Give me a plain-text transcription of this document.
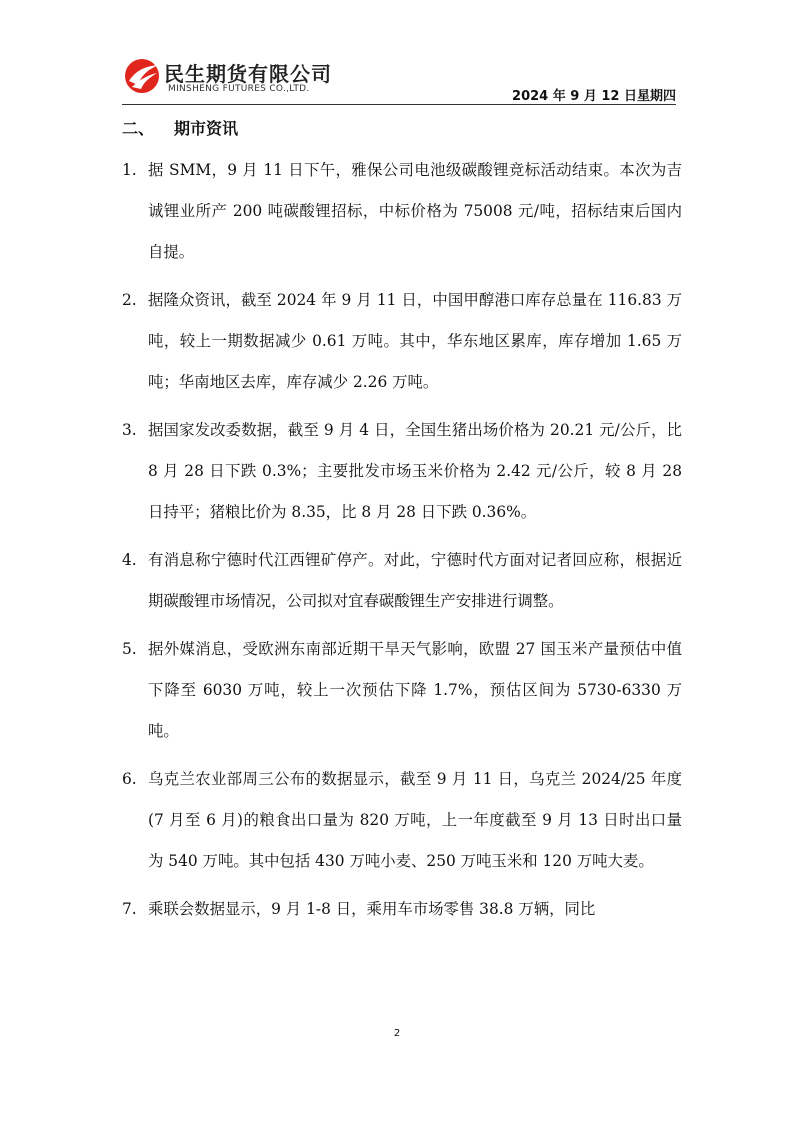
民生期货有限公司
MINSHENG FUTURES CO.,LTD.	2024 年 9 月 12 日星期四
二、 期市资讯
1. 据 SMM，9 月 11 日下午，雅保公司电池级碳酸锂竞标活动结束。本次为吉诚锂业所产 200 吨碳酸锂招标，中标价格为 75008 元/吨，招标结束后国内自提。
2. 据隆众资讯，截至 2024 年 9 月 11 日，中国甲醇港口库存总量在 116.83 万吨，较上一期数据减少 0.61 万吨。其中，华东地区累库，库存增加 1.65 万吨；华南地区去库，库存减少 2.26 万吨。
3. 据国家发改委数据，截至 9 月 4 日，全国生猪出场价格为 20.21 元/公斤，比 8 月 28 日下跌 0.3%；主要批发市场玉米价格为 2.42 元/公斤，较 8 月 28 日持平；猪粮比价为 8.35，比 8 月 28 日下跌 0.36%。
4. 有消息称宁德时代江西锂矿停产。对此，宁德时代方面对记者回应称，根据近期碳酸锂市场情况，公司拟对宜春碳酸锂生产安排进行调整。
5. 据外媒消息，受欧洲东南部近期干旱天气影响，欧盟 27 国玉米产量预估中值下降至 6030 万吨，较上一次预估下降 1.7%，预估区间为 5730-6330 万吨。
6. 乌克兰农业部周三公布的数据显示，截至 9 月 11 日，乌克兰 2024/25 年度(7 月至 6 月)的粮食出口量为 820 万吨，上一年度截至 9 月 13 日时出口量为 540 万吨。其中包括 430 万吨小麦、250 万吨玉米和 120 万吨大麦。
7. 乘联会数据显示，9 月 1-8 日，乘用车市场零售 38.8 万辆，同比
2
